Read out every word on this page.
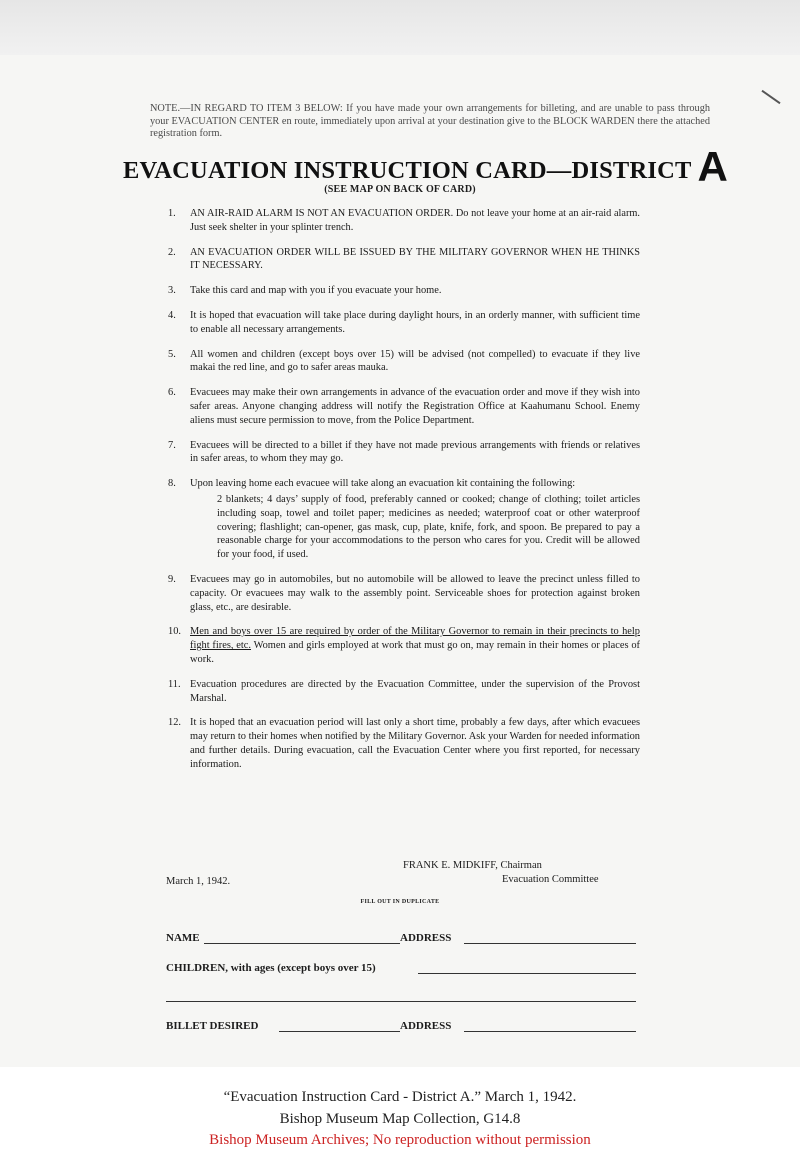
NOTE.—IN REGARD TO ITEM 3 BELOW: If you have made your own arrangements for billeting, and are unable to pass through your EVACUATION CENTER en route, immediately upon arrival at your destination give to the BLOCK WARDEN there the attached registration form.
EVACUATION INSTRUCTION CARD—DISTRICT A
(SEE MAP ON BACK OF CARD)
1. AN AIR-RAID ALARM IS NOT AN EVACUATION ORDER. Do not leave your home at an air-raid alarm. Just seek shelter in your splinter trench.
2. AN EVACUATION ORDER WILL BE ISSUED BY THE MILITARY GOVERNOR WHEN HE THINKS IT NECESSARY.
3. Take this card and map with you if you evacuate your home.
4. It is hoped that evacuation will take place during daylight hours, in an orderly manner, with sufficient time to enable all necessary arrangements.
5. All women and children (except boys over 15) will be advised (not compelled) to evacuate if they live makai the red line, and go to safer areas mauka.
6. Evacuees may make their own arrangements in advance of the evacuation order and move if they wish into safer areas. Anyone changing address will notify the Registration Office at Kaahumanu School. Enemy aliens must secure permission to move, from the Police Department.
7. Evacuees will be directed to a billet if they have not made previous arrangements with friends or relatives in safer areas, to whom they may go.
8. Upon leaving home each evacuee will take along an evacuation kit containing the following:
2 blankets; 4 days’ supply of food, preferably canned or cooked; change of clothing; toilet articles including soap, towel and toilet paper; medicines as needed; waterproof coat or other waterproof covering; flashlight; can-opener, gas mask, cup, plate, knife, fork, and spoon. Be prepared to pay a reasonable charge for your accommodations to the person who cares for you. Credit will be allowed for your food, if used.
9. Evacuees may go in automobiles, but no automobile will be allowed to leave the precinct unless filled to capacity. Or evacuees may walk to the assembly point. Serviceable shoes for protection against broken glass, etc., are desirable.
10. Men and boys over 15 are required by order of the Military Governor to remain in their precincts to help fight fires, etc. Women and girls employed at work that must go on, may remain in their homes or places of work.
11. Evacuation procedures are directed by the Evacuation Committee, under the supervision of the Provost Marshal.
12. It is hoped that an evacuation period will last only a short time, probably a few days, after which evacuees may return to their homes when notified by the Military Governor. Ask your Warden for needed information and further details. During evacuation, call the Evacuation Center where you first reported, for necessary information.
FRANK E. MIDKIFF, Chairman
Evacuation Committee
March 1, 1942.
FILL OUT IN DUPLICATE
NAME	ADDRESS
CHILDREN, with ages (except boys over 15)
BILLET DESIRED	ADDRESS
“Evacuation Instruction Card - District A.” March 1, 1942.
Bishop Museum Map Collection, G14.8
Bishop Museum Archives; No reproduction without permission
